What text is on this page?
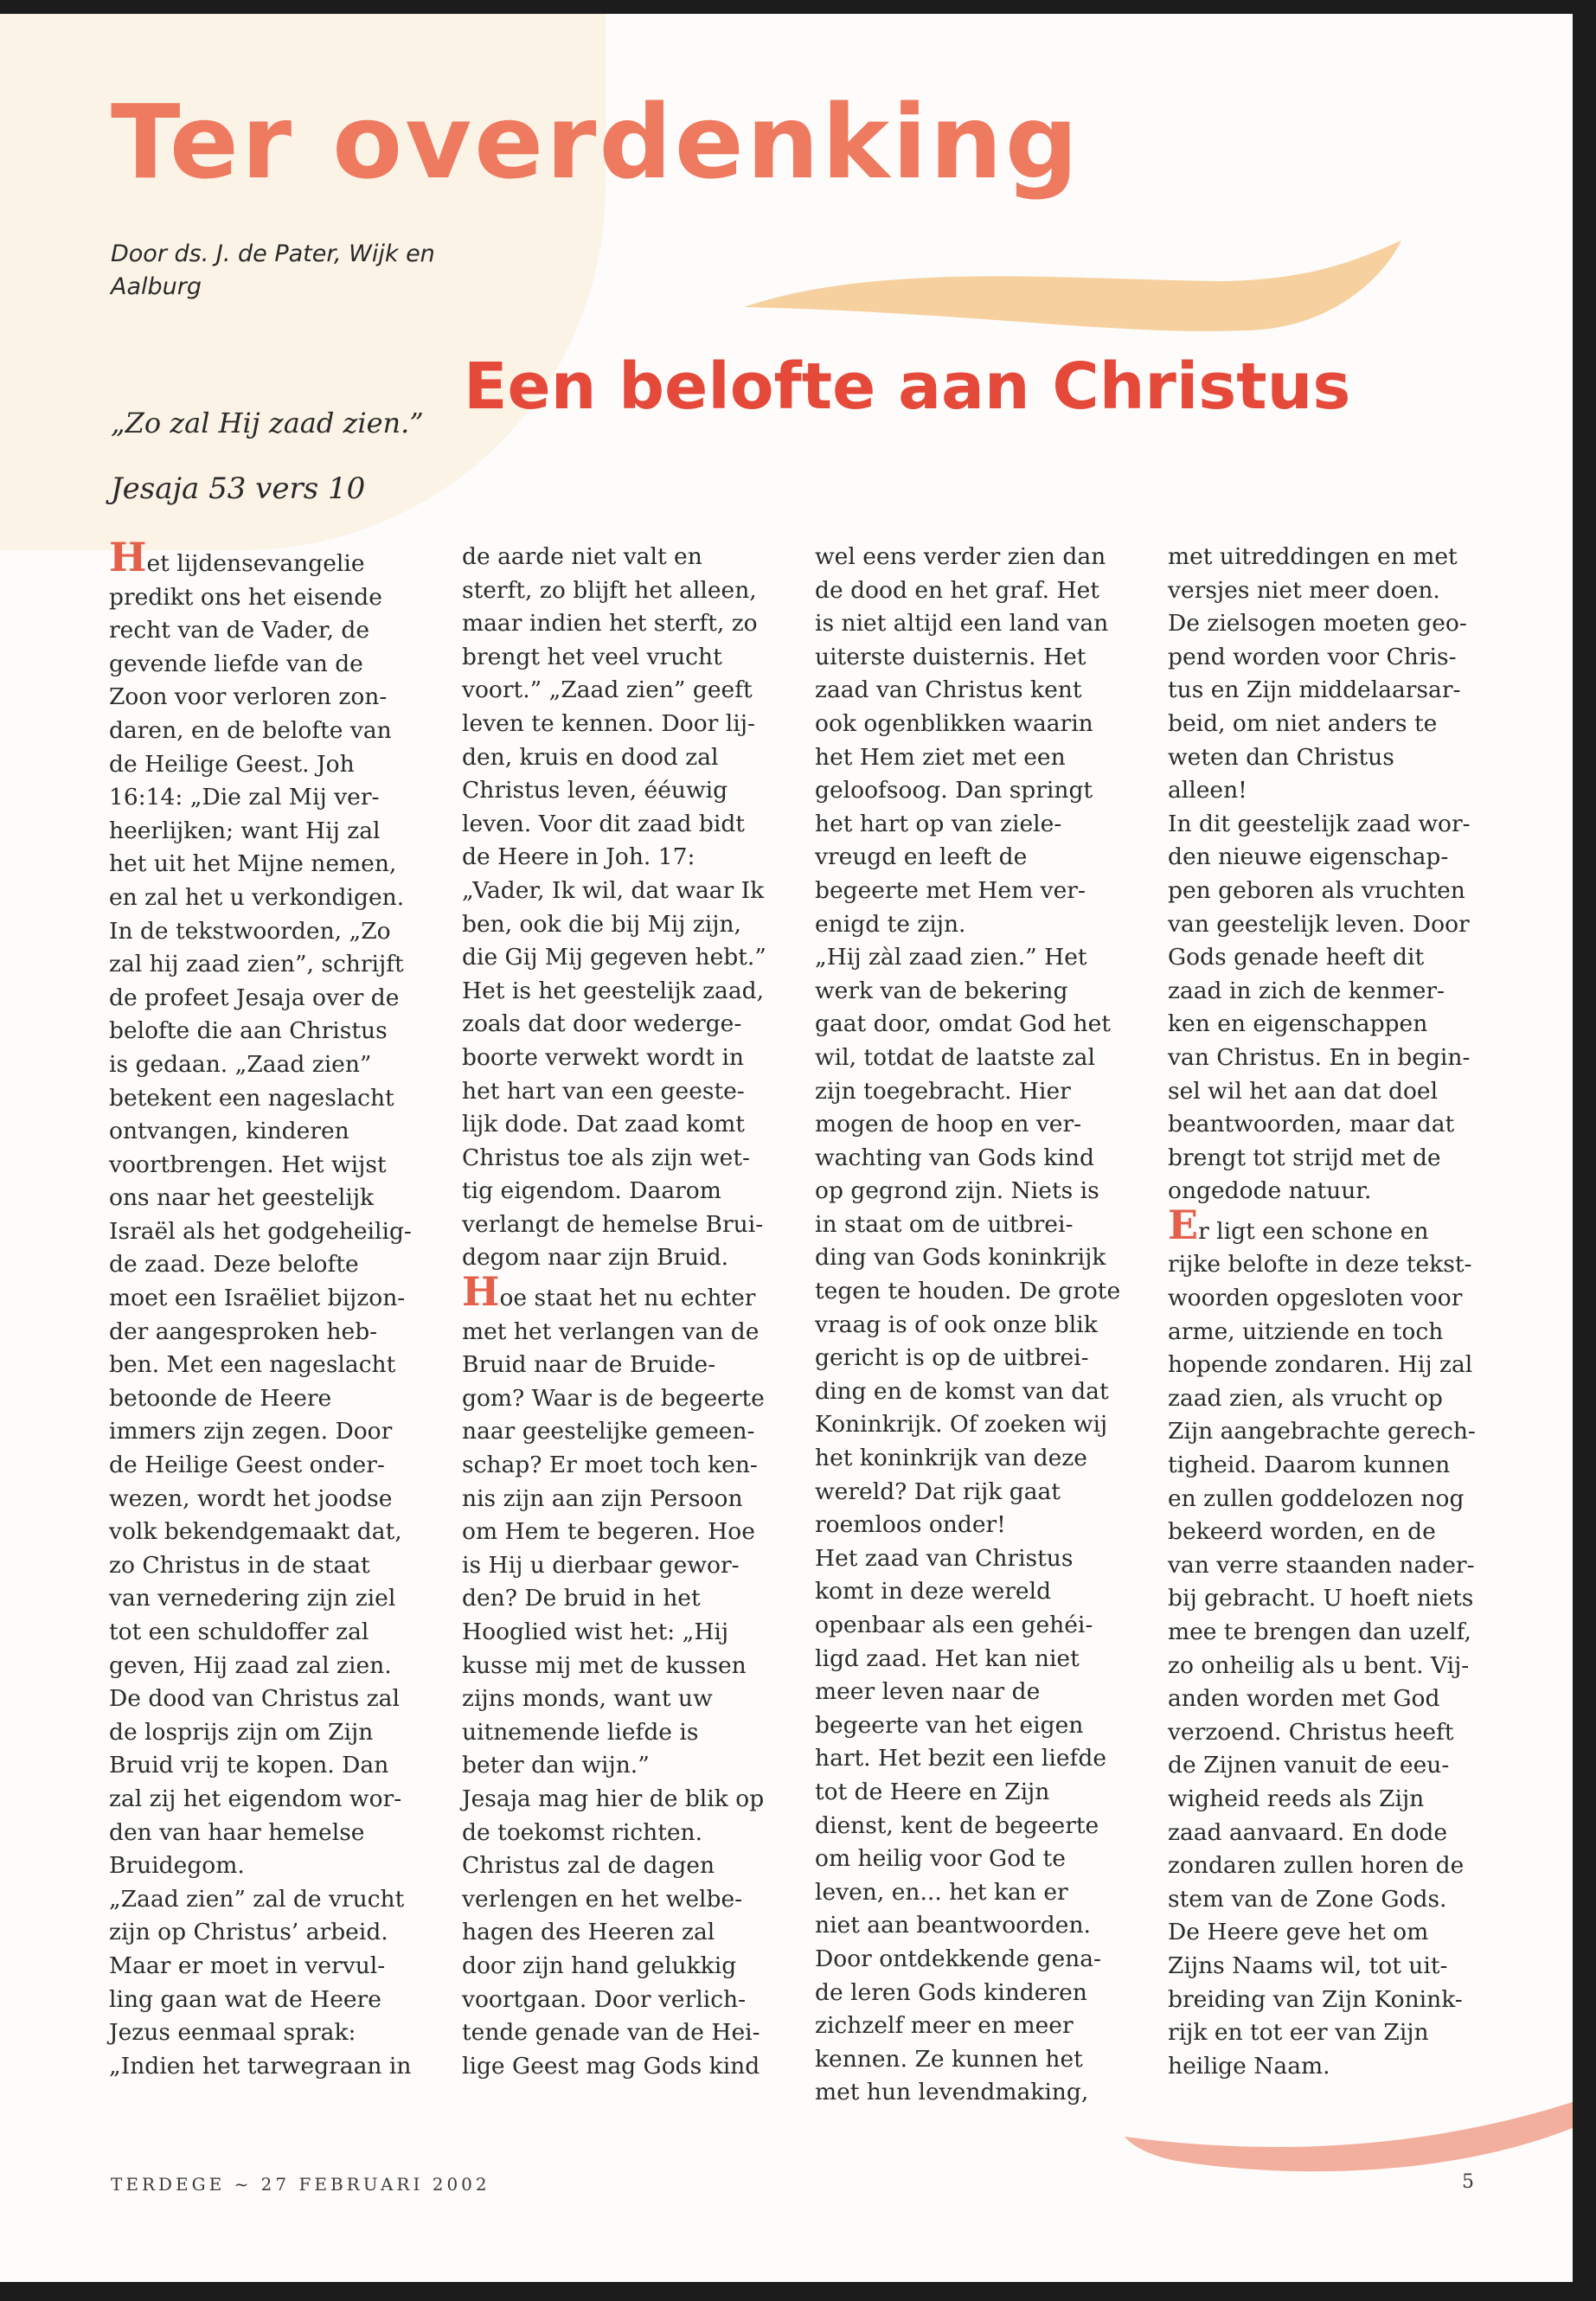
Ter overdenking
Door ds. J. de Pater, Wijk en
Aalburg
„Zo zal Hij zaad zien.”
Jesaja 53 vers 10
Een belofte aan Christus
Het lijdensevangelie
predikt ons het eisende
recht van de Vader, de
gevende liefde van de
Zoon voor verloren zon-
daren, en de belofte van
de Heilige Geest. Joh
16:14: „Die zal Mij ver-
heerlijken; want Hij zal
het uit het Mijne nemen,
en zal het u verkondigen.
In de tekstwoorden, „Zo
zal hij zaad zien”, schrijft
de profeet Jesaja over de
belofte die aan Christus
is gedaan. „Zaad zien”
betekent een nageslacht
ontvangen, kinderen
voortbrengen. Het wijst
ons naar het geestelijk
Israël als het godgeheilig-
de zaad. Deze belofte
moet een Israëliet bijzon-
der aangesproken heb-
ben. Met een nageslacht
betoonde de Heere
immers zijn zegen. Door
de Heilige Geest onder-
wezen, wordt het joodse
volk bekendgemaakt dat,
zo Christus in de staat
van vernedering zijn ziel
tot een schuldoffer zal
geven, Hij zaad zal zien.
De dood van Christus zal
de losprijs zijn om Zijn
Bruid vrij te kopen. Dan
zal zij het eigendom wor-
den van haar hemelse
Bruidegom.
„Zaad zien” zal de vrucht
zijn op Christus’ arbeid.
Maar er moet in vervul-
ling gaan wat de Heere
Jezus eenmaal sprak:
„Indien het tarwegraan in
de aarde niet valt en
sterft, zo blijft het alleen,
maar indien het sterft, zo
brengt het veel vrucht
voort.” „Zaad zien” geeft
leven te kennen. Door lij-
den, kruis en dood zal
Christus leven, ééuwig
leven. Voor dit zaad bidt
de Heere in Joh. 17:
„Vader, Ik wil, dat waar Ik
ben, ook die bij Mij zijn,
die Gij Mij gegeven hebt.”
Het is het geestelijk zaad,
zoals dat door wederge-
boorte verwekt wordt in
het hart van een geeste-
lijk dode. Dat zaad komt
Christus toe als zijn wet-
tig eigendom. Daarom
verlangt de hemelse Brui-
degom naar zijn Bruid.
Hoe staat het nu echter
met het verlangen van de
Bruid naar de Bruide-
gom? Waar is de begeerte
naar geestelijke gemeen-
schap? Er moet toch ken-
nis zijn aan zijn Persoon
om Hem te begeren. Hoe
is Hij u dierbaar gewor-
den? De bruid in het
Hooglied wist het: „Hij
kusse mij met de kussen
zijns monds, want uw
uitnemende liefde is
beter dan wijn.”
Jesaja mag hier de blik op
de toekomst richten.
Christus zal de dagen
verlengen en het welbe-
hagen des Heeren zal
door zijn hand gelukkig
voortgaan. Door verlich-
tende genade van de Hei-
lige Geest mag Gods kind
wel eens verder zien dan
de dood en het graf. Het
is niet altijd een land van
uiterste duisternis. Het
zaad van Christus kent
ook ogenblikken waarin
het Hem ziet met een
geloofsoog. Dan springt
het hart op van ziele-
vreugd en leeft de
begeerte met Hem ver-
enigd te zijn.
„Hij zàl zaad zien.” Het
werk van de bekering
gaat door, omdat God het
wil, totdat de laatste zal
zijn toegebracht. Hier
mogen de hoop en ver-
wachting van Gods kind
op gegrond zijn. Niets is
in staat om de uitbrei-
ding van Gods koninkrijk
tegen te houden. De grote
vraag is of ook onze blik
gericht is op de uitbrei-
ding en de komst van dat
Koninkrijk. Of zoeken wij
het koninkrijk van deze
wereld? Dat rijk gaat
roemloos onder!
Het zaad van Christus
komt in deze wereld
openbaar als een gehéi-
ligd zaad. Het kan niet
meer leven naar de
begeerte van het eigen
hart. Het bezit een liefde
tot de Heere en Zijn
dienst, kent de begeerte
om heilig voor God te
leven, en... het kan er
niet aan beantwoorden.
Door ontdekkende gena-
de leren Gods kinderen
zichzelf meer en meer
kennen. Ze kunnen het
met hun levendmaking,
met uitreddingen en met
versjes niet meer doen.
De zielsogen moeten geo-
pend worden voor Chris-
tus en Zijn middelaarsar-
beid, om niet anders te
weten dan Christus
alleen!
In dit geestelijk zaad wor-
den nieuwe eigenschap-
pen geboren als vruchten
van geestelijk leven. Door
Gods genade heeft dit
zaad in zich de kenmer-
ken en eigenschappen
van Christus. En in begin-
sel wil het aan dat doel
beantwoorden, maar dat
brengt tot strijd met de
ongedode natuur.
Er ligt een schone en
rijke belofte in deze tekst-
woorden opgesloten voor
arme, uitziende en toch
hopende zondaren. Hij zal
zaad zien, als vrucht op
Zijn aangebrachte gerech-
tigheid. Daarom kunnen
en zullen goddelozen nog
bekeerd worden, en de
van verre staanden nader-
bij gebracht. U hoeft niets
mee te brengen dan uzelf,
zo onheilig als u bent. Vij-
anden worden met God
verzoend. Christus heeft
de Zijnen vanuit de eeu-
wigheid reeds als Zijn
zaad aanvaard. En dode
zondaren zullen horen de
stem van de Zone Gods.
De Heere geve het om
Zijns Naams wil, tot uit-
breiding van Zijn Konink-
rijk en tot eer van Zijn
heilige Naam.
TERDEGE ~ 27 FEBRUARI 2002	5
